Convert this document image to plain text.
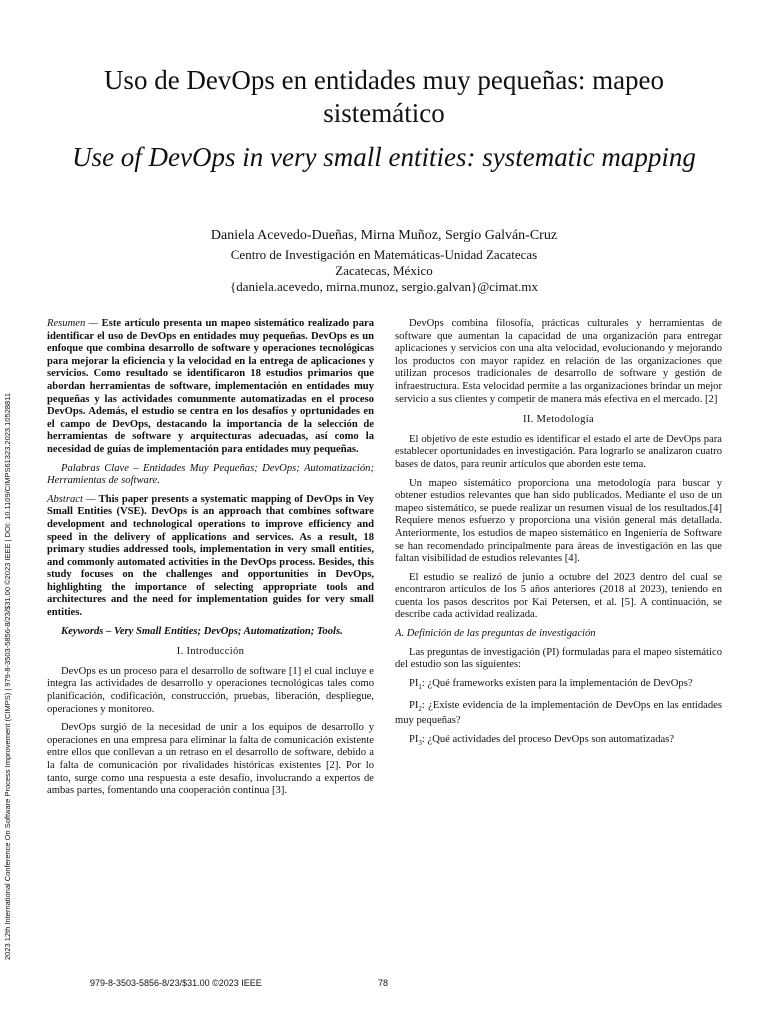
Uso de DevOps en entidades muy pequeñas: mapeo sistemático
Use of DevOps in very small entities: systematic mapping
Daniela Acevedo-Dueñas, Mirna Muñoz, Sergio Galván-Cruz
Centro de Investigación en Matemáticas-Unidad Zacatecas
Zacatecas, México
{daniela.acevedo, mirna.munoz, sergio.galvan}@cimat.mx
2023 12th International Conference On Software Process Improvement (CIMPS) | 979-8-3503-5856-8/23/$31.00 ©2023 IEEE | DOI: 10.1109/CIMPS61323.2023.10528811

Resumen — Este artículo presenta un mapeo sistemático realizado para identificar el uso de DevOps en entidades muy pequeñas. DevOps es un enfoque que combina desarrollo de software y operaciones tecnológicas para mejorar la eficiencia y la velocidad en la entrega de aplicaciones y servicios. Como resultado se identificaron 18 estudios primarios que abordan herramientas de software, implementación en entidades muy pequeñas y las actividades comunmente automatizadas en el proceso DevOps. Además, el estudio se centra en los desafíos y oprtunidades en el campo de DevOps, destacando la importancia de la selección de herramientas de software y arquitecturas adecuadas, así como la necesidad de guías de implementación para entidades muy pequeñas.

Palabras Clave – Entidades Muy Pequeñas; DevOps; Automatización; Herramientas de software.

Abstract — This paper presents a systematic mapping of DevOps in Vey Small Entities (VSE). DevOps is an approach that combines software development and technological operations to improve efficiency and speed in the delivery of applications and services. As a result, 18 primary studies addressed tools, implementation in very small entities, and commonly automated activities in the DevOps process. Besides, this study focuses on the challenges and opportunities in DevOps, highlighting the importance of selecting appropriate tools and architectures and the need for implementation guides for very small entities.

Keywords – Very Small Entities; DevOps; Automatization; Tools.

I. Introducción

DevOps es un proceso para el desarrollo de software [1] el cual incluye e integra las actividades de desarrollo y operaciones tecnológicas tales como planificación, codificación, construcción, pruebas, liberación, despliegue, operaciones y monitoreo.

DevOps surgió de la necesidad de unir a los equipos de desarrollo y operaciones en una empresa para eliminar la falta de comunicación existente entre ellos que conllevan a un retraso en el desarrollo de software, debido a la falta de comunicación por rivalidades históricas existentes [2]. Por lo tanto, surge como una respuesta a este desafío, involucrando a expertos de ambas partes, fomentando una cooperación continua [3].

DevOps combina filosofía, prácticas culturales y herramientas de software que aumentan la capacidad de una organización para entregar aplicaciones y servicios con una alta velocidad, evolucionando y mejorando los productos con mayor rapidez en relación de las organizaciones que utilizan procesos tradicionales de desarrollo de software y gestión de infraestructura. Esta velocidad permite a las organizaciones brindar un mejor servicio a sus clientes y competir de manera más efectiva en el mercado. [2]

II. Metodología

El objetivo de este estudio es identificar el estado el arte de DevOps para establecer oportunidades en investigación. Para lograrlo se analizaron cuatro bases de datos, para reunir artículos que aborden este tema.

Un mapeo sistemático proporciona una metodología para buscar y obtener estudios relevantes que han sido publicados. Mediante el uso de un mapeo sistemático, se puede realizar un resumen visual de los resultados.[4] Requiere menos esfuerzo y proporciona una visión general más detallada. Anteriormente, los estudios de mapeo sistemático en Ingeniería de Software se han recomendado principalmente para áreas de investigación en las que faltan visibilidad de estudios relevantes [4].

El estudio se realizó de junio a octubre del 2023 dentro del cual se encontraron artículos de los 5 años anteriores (2018 al 2023), teniendo en cuenta los pasos descritos por Kai Petersen, et al. [5]. A continuación, se describe cada actividad realizada.

A. Definición de las preguntas de investigación

Las preguntas de investigación (PI) formuladas para el mapeo sistemático del estudio son las siguientes:

$PI_1$: ¿Qué frameworks existen para la implementación de DevOps?

$PI_2$: ¿Existe evidencia de la implementación de DevOps en las entidades muy pequeñas?

$PI_3$: ¿Qué actividades del proceso DevOps son automatizadas?

979-8-3503-5856-8/23/$31.00 ©2023 IEEE	78
